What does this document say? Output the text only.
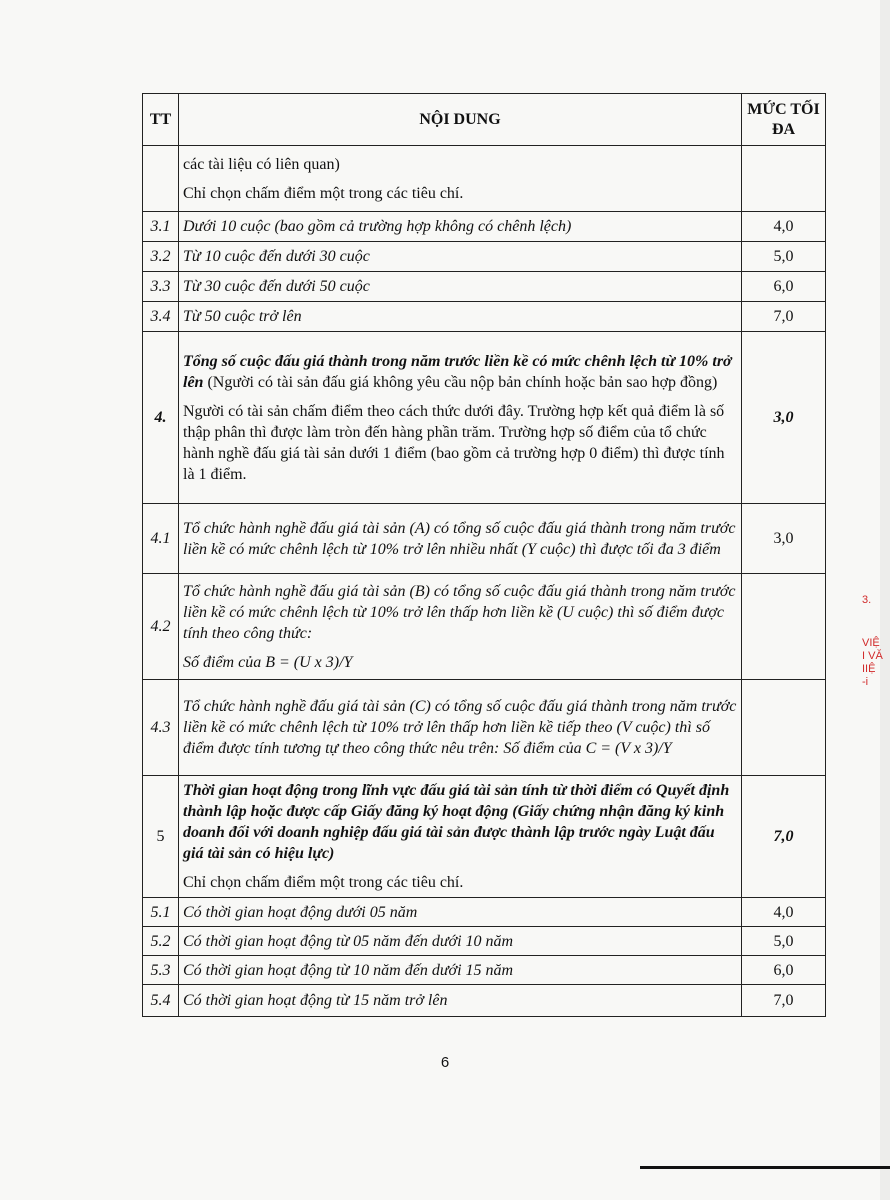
TT	NỘI DUNG	MỨC TỐI ĐA

	các tài liệu có liên quan)

Chỉ chọn chấm điểm một trong các tiêu chí.	

3.1	Dưới 10 cuộc (bao gồm cả trường hợp không có chênh lệch)	4,0
3.2	Từ 10 cuộc đến dưới 30 cuộc	5,0
3.3	Từ 30 cuộc đến dưới 50 cuộc	6,0
3.4	Từ 50 cuộc trở lên	7,0
4.	Tổng số cuộc đấu giá thành trong năm trước liền kề có mức chênh lệch từ 10% trở lên (Người có tài sản đấu giá không yêu cầu nộp bản chính hoặc bản sao hợp đồng)

Người có tài sản chấm điểm theo cách thức dưới đây. Trường hợp kết quả điểm là số thập phân thì được làm tròn đến hàng phần trăm. Trường hợp số điểm của tổ chức hành nghề đấu giá tài sản dưới 1 điểm (bao gồm cả trường hợp 0 điểm) thì được tính là 1 điểm.	3,0
4.1	Tổ chức hành nghề đấu giá tài sản (A) có tổng số cuộc đấu giá thành trong năm trước liền kề có mức chênh lệch từ 10% trở lên nhiều nhất (Y cuộc) thì được tối đa 3 điểm	3,0
4.2	Tổ chức hành nghề đấu giá tài sản (B) có tổng số cuộc đấu giá thành trong năm trước liền kề có mức chênh lệch từ 10% trở lên thấp hơn liền kề (U cuộc) thì số điểm được tính theo công thức:

Số điểm của B = (U x 3)/Y	

4.3	Tổ chức hành nghề đấu giá tài sản (C) có tổng số cuộc đấu giá thành trong năm trước liền kề có mức chênh lệch từ 10% trở lên thấp hơn liền kề tiếp theo (V cuộc) thì số điểm được tính tương tự theo công thức nêu trên: Số điểm của C = (V x 3)/Y	
5	Thời gian hoạt động trong lĩnh vực đấu giá tài sản tính từ thời điểm có Quyết định thành lập hoặc được cấp Giấy đăng ký hoạt động (Giấy chứng nhận đăng ký kinh doanh đối với doanh nghiệp đấu giá tài sản được thành lập trước ngày Luật đấu giá tài sản có hiệu lực)

Chỉ chọn chấm điểm một trong các tiêu chí.	7,0
5.1	Có thời gian hoạt động dưới 05 năm	4,0
5.2	Có thời gian hoạt động từ 05 năm đến dưới 10 năm	5,0
5.3	Có thời gian hoạt động từ 10 năm đến dưới 15 năm	6,0
5.4	Có thời gian hoạt động từ 15 năm trở lên	7,0
6
3.
VIỆ
I VĂ
IIỆ
-i
